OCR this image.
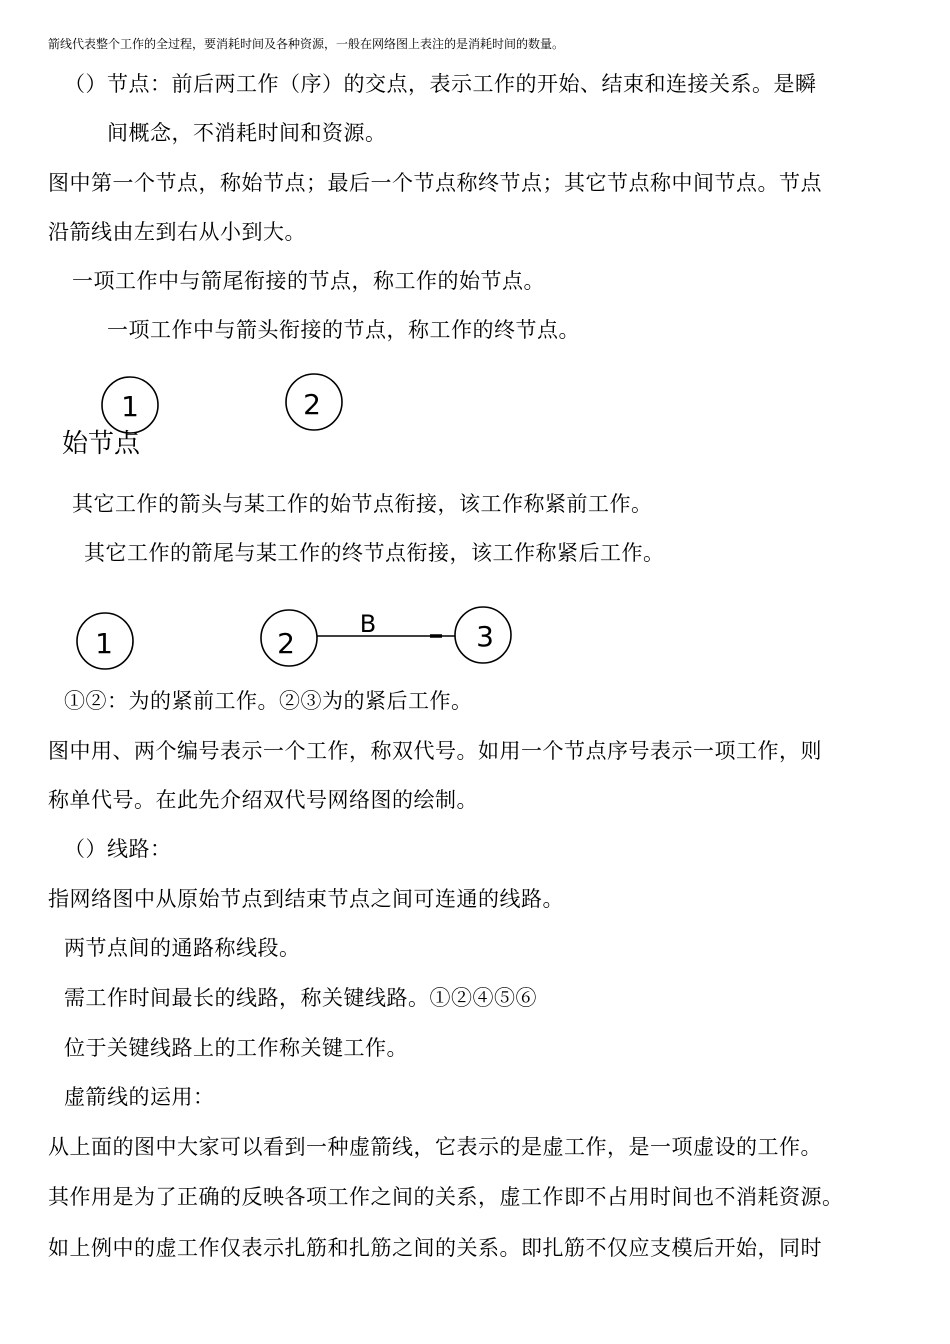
箭线代表整个工作的全过程，要消耗时间及各种资源，一般在网络图上表注的是消耗时间的数量。
（）节点：前后两工作（序）的交点，表示工作的开始、结束和连接关系。是瞬
间概念，不消耗时间和资源。
图中第一个节点，称始节点；最后一个节点称终节点；其它节点称中间节点。节点
沿箭线由左到右从小到大。
一项工作中与箭尾衔接的节点，称工作的始节点。
一项工作中与箭头衔接的节点，称工作的终节点。
1	2
始节点
其它工作的箭头与某工作的始节点衔接，该工作称紧前工作。
其它工作的箭尾与某工作的终节点衔接，该工作称紧后工作。
1	2	3
B
①②：为的紧前工作。②③为的紧后工作。
图中用、两个编号表示一个工作，称双代号。如用一个节点序号表示一项工作，则
称单代号。在此先介绍双代号网络图的绘制。
（）线路：
指网络图中从原始节点到结束节点之间可连通的线路。
两节点间的通路称线段。
需工作时间最长的线路，称关键线路。①②④⑤⑥
位于关键线路上的工作称关键工作。
虚箭线的运用：
从上面的图中大家可以看到一种虚箭线，它表示的是虚工作，是一项虚设的工作。
其作用是为了正确的反映各项工作之间的关系，虚工作即不占用时间也不消耗资源。
如上例中的虚工作仅表示扎筋和扎筋之间的关系。即扎筋不仅应支模后开始，同时
